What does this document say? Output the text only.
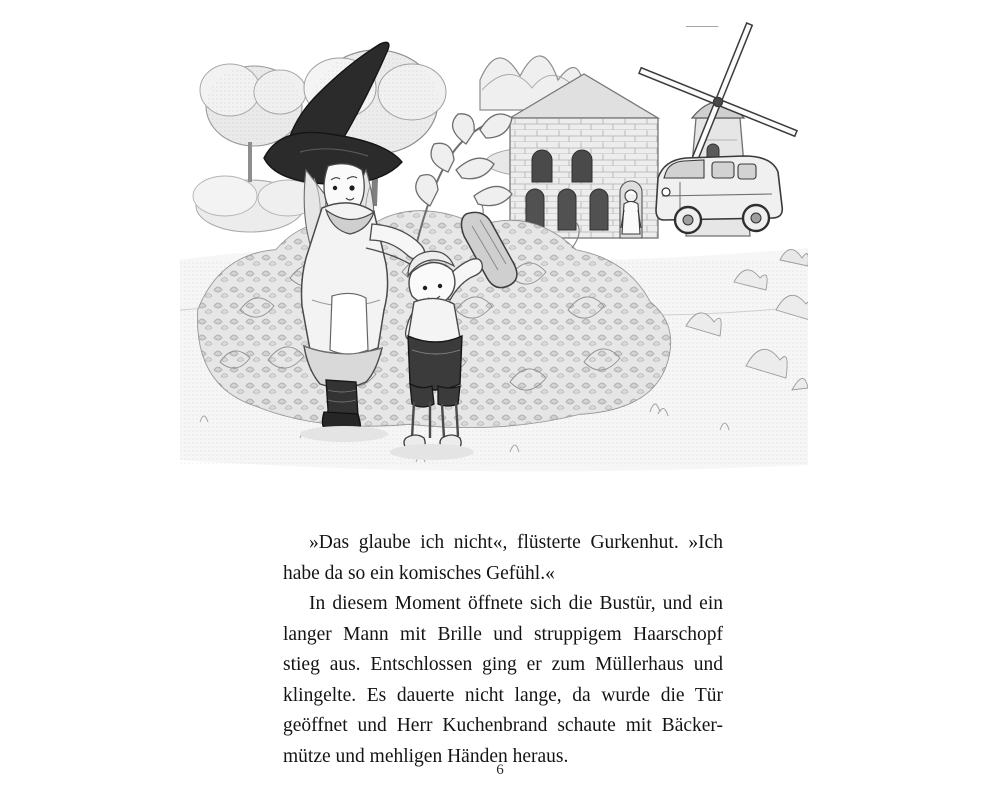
»Das glaube ich nicht«, flüsterte Gurkenhut. »Ich habe da so ein komisches Gefühl.«

In diesem Moment öffnete sich die Bustür, und ein langer Mann mit Brille und struppigem Haarschopf stieg aus. Entschlossen ging er zum Müllerhaus und klingelte. Es dauerte nicht lange, da wurde die Tür geöffnet und Herr Kuchenbrand schaute mit Bäcker-mütze und mehligen Händen heraus.

6
